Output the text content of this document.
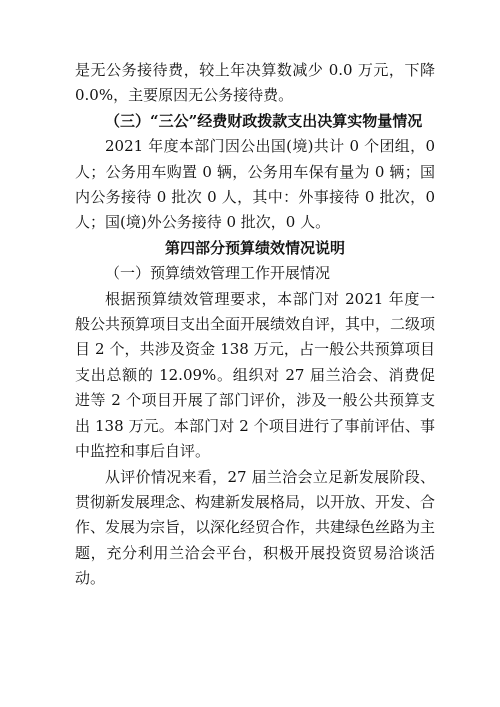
是无公务接待费，较上年决算数减少 0.0 万元，下降 0.0%，主要原因无公务接待费。

（三）“三公”经费财政拨款支出决算实物量情况

2021 年度本部门因公出国(境)共计 0 个团组，0 人；公务用车购置 0 辆，公务用车保有量为 0 辆；国内公务接待 0 批次 0 人，其中：外事接待 0 批次，0 人；国(境)外公务接待 0 批次，0 人。

第四部分预算绩效情况说明

（一）预算绩效管理工作开展情况

根据预算绩效管理要求，本部门对 2021 年度一般公共预算项目支出全面开展绩效自评，其中，二级项目 2 个，共涉及资金 138 万元，占一般公共预算项目支出总额的 12.09%。组织对 27 届兰洽会、消费促进等 2 个项目开展了部门评价，涉及一般公共预算支出 138 万元。本部门对 2 个项目进行了事前评估、事中监控和事后自评。

从评价情况来看，27 届兰洽会立足新发展阶段、贯彻新发展理念、构建新发展格局，以开放、开发、合作、发展为宗旨，以深化经贸合作，共建绿色丝路为主题，充分利用兰洽会平台，积极开展投资贸易洽谈活动。
